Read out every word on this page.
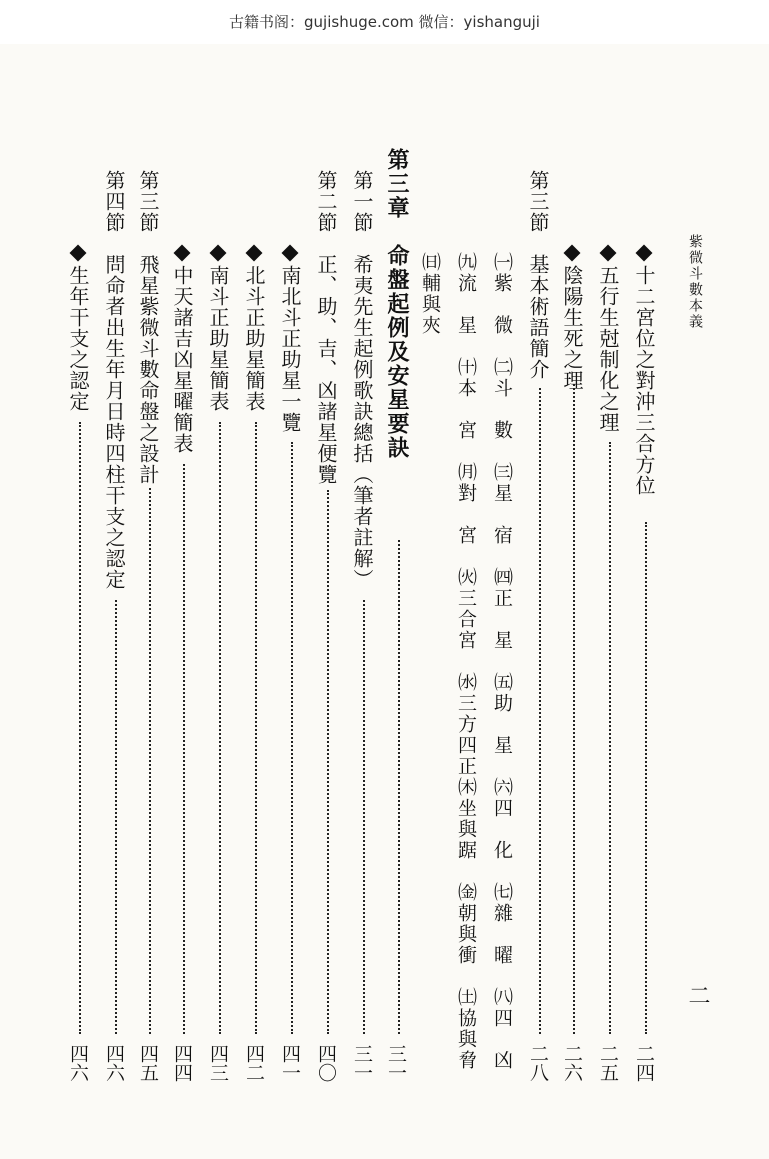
古籍书阁：gujishuge.com 微信：yishanguji
紫微斗數本義
二
十二宮位之對沖三合方位
二四
五行生尅制化之理
二五
陰陽生死之理
二六
第三節
基本術語簡介
二八
㈠紫　微　㈡斗　數　㈢星　宿　㈣正　星　㈤助　星　㈥四　化　㈦雜　曜　㈧四　凶
㈨流　星　㈩本　宮　㈪對　宮　㈫三合宮　㈬三方四正㈭坐與踞　㈮朝與衝　㈯協與脅
㈰輔與夾
第三章　命盤起例及安星要訣
三一
第一節
希夷先生起例歌訣總括（筆者註解）
三一
第二節
正、助、吉、凶諸星便覽
四〇
南北斗正助星一覽
四一
北斗正助星簡表
四二
南斗正助星簡表
四三
中天諸吉凶星曜簡表
四四
第三節
飛星紫微斗數命盤之設計
四五
第四節
問命者出生年月日時四柱干支之認定
四六
生年干支之認定
四六
